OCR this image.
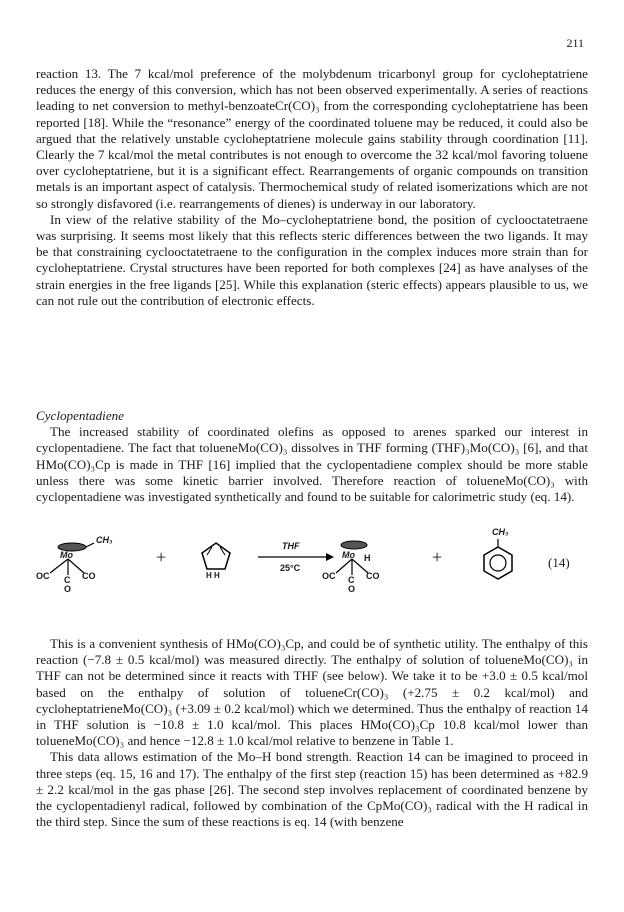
211

reaction 13. The 7 kcal/mol preference of the molybdenum tricarbonyl group for cycloheptatriene reduces the energy of this conversion, which has not been observed experimentally. A series of reactions leading to net conversion to methyl-benzoateCr(CO)₃ from the corresponding cycloheptatriene has been reported [18]. While the “resonance” energy of the coordinated toluene may be reduced, it could also be argued that the relatively unstable cycloheptatriene molecule gains stability through coordination [11]. Clearly the 7 kcal/mol the metal contributes is not enough to overcome the 32 kcal/mol favoring toluene over cycloheptatriene, but it is a significant effect. Rearrangements of organic compounds on transition metals is an important aspect of catalysis. Thermochemical study of related isomerizations which are not so strongly disfavored (i.e. rearrangements of dienes) is underway in our laboratory.

In view of the relative stability of the Mo–cycloheptatriene bond, the position of cyclooctatetraene was surprising. It seems most likely that this reflects steric differences between the two ligands. It may be that constraining cyclooctatetraene to the configuration in the complex induces more strain than for cycloheptatriene. Crystal structures have been reported for both complexes [24] as have analyses of the strain energies in the free ligands [25]. While this explanation (steric effects) appears plausible to us, we can not rule out the contribution of electronic effects.

Cyclopentadiene

The increased stability of coordinated olefins as opposed to arenes sparked our interest in cyclopentadiene. The fact that tolueneMo(CO)₃ dissolves in THF forming (THF)₃Mo(CO)₃ [6], and that HMo(CO)₃Cp is made in THF [16] implied that the cyclopentadiene complex should be more stable unless there was some kinetic barrier involved. Therefore reaction of tolueneMo(CO)₃ with cyclopentadiene was investigated synthetically and found to be suitable for calorimetric study (eq. 14).

CH₃
Mo
OC C CO
O
+
H H
THF
25°C
Mo H
OC C CO
O
+
CH₃
(14)

This is a convenient synthesis of HMo(CO)₃Cp, and could be of synthetic utility. The enthalpy of this reaction (−7.8 ± 0.5 kcal/mol) was measured directly. The enthalpy of solution of tolueneMo(CO)₃ in THF can not be determined since it reacts with THF (see below). We take it to be +3.0 ± 0.5 kcal/mol based on the enthalpy of solution of tolueneCr(CO)₃ (+2.75 ± 0.2 kcal/mol) and cycloheptatrieneMo(CO)₃ (+3.09 ± 0.2 kcal/mol) which we determined. Thus the enthalpy of reaction 14 in THF solution is −10.8 ± 1.0 kcal/mol. This places HMo(CO)₃Cp 10.8 kcal/mol lower than tolueneMo(CO)₃ and hence −12.8 ± 1.0 kcal/mol relative to benzene in Table 1.

This data allows estimation of the Mo–H bond strength. Reaction 14 can be imagined to proceed in three steps (eq. 15, 16 and 17). The enthalpy of the first step (reaction 15) has been determined as +82.9 ± 2.2 kcal/mol in the gas phase [26]. The second step involves replacement of coordinated benzene by the cyclopentadienyl radical, followed by combination of the CpMo(CO)₃ radical with the H radical in the third step. Since the sum of these reactions is eq. 14 (with benzene
